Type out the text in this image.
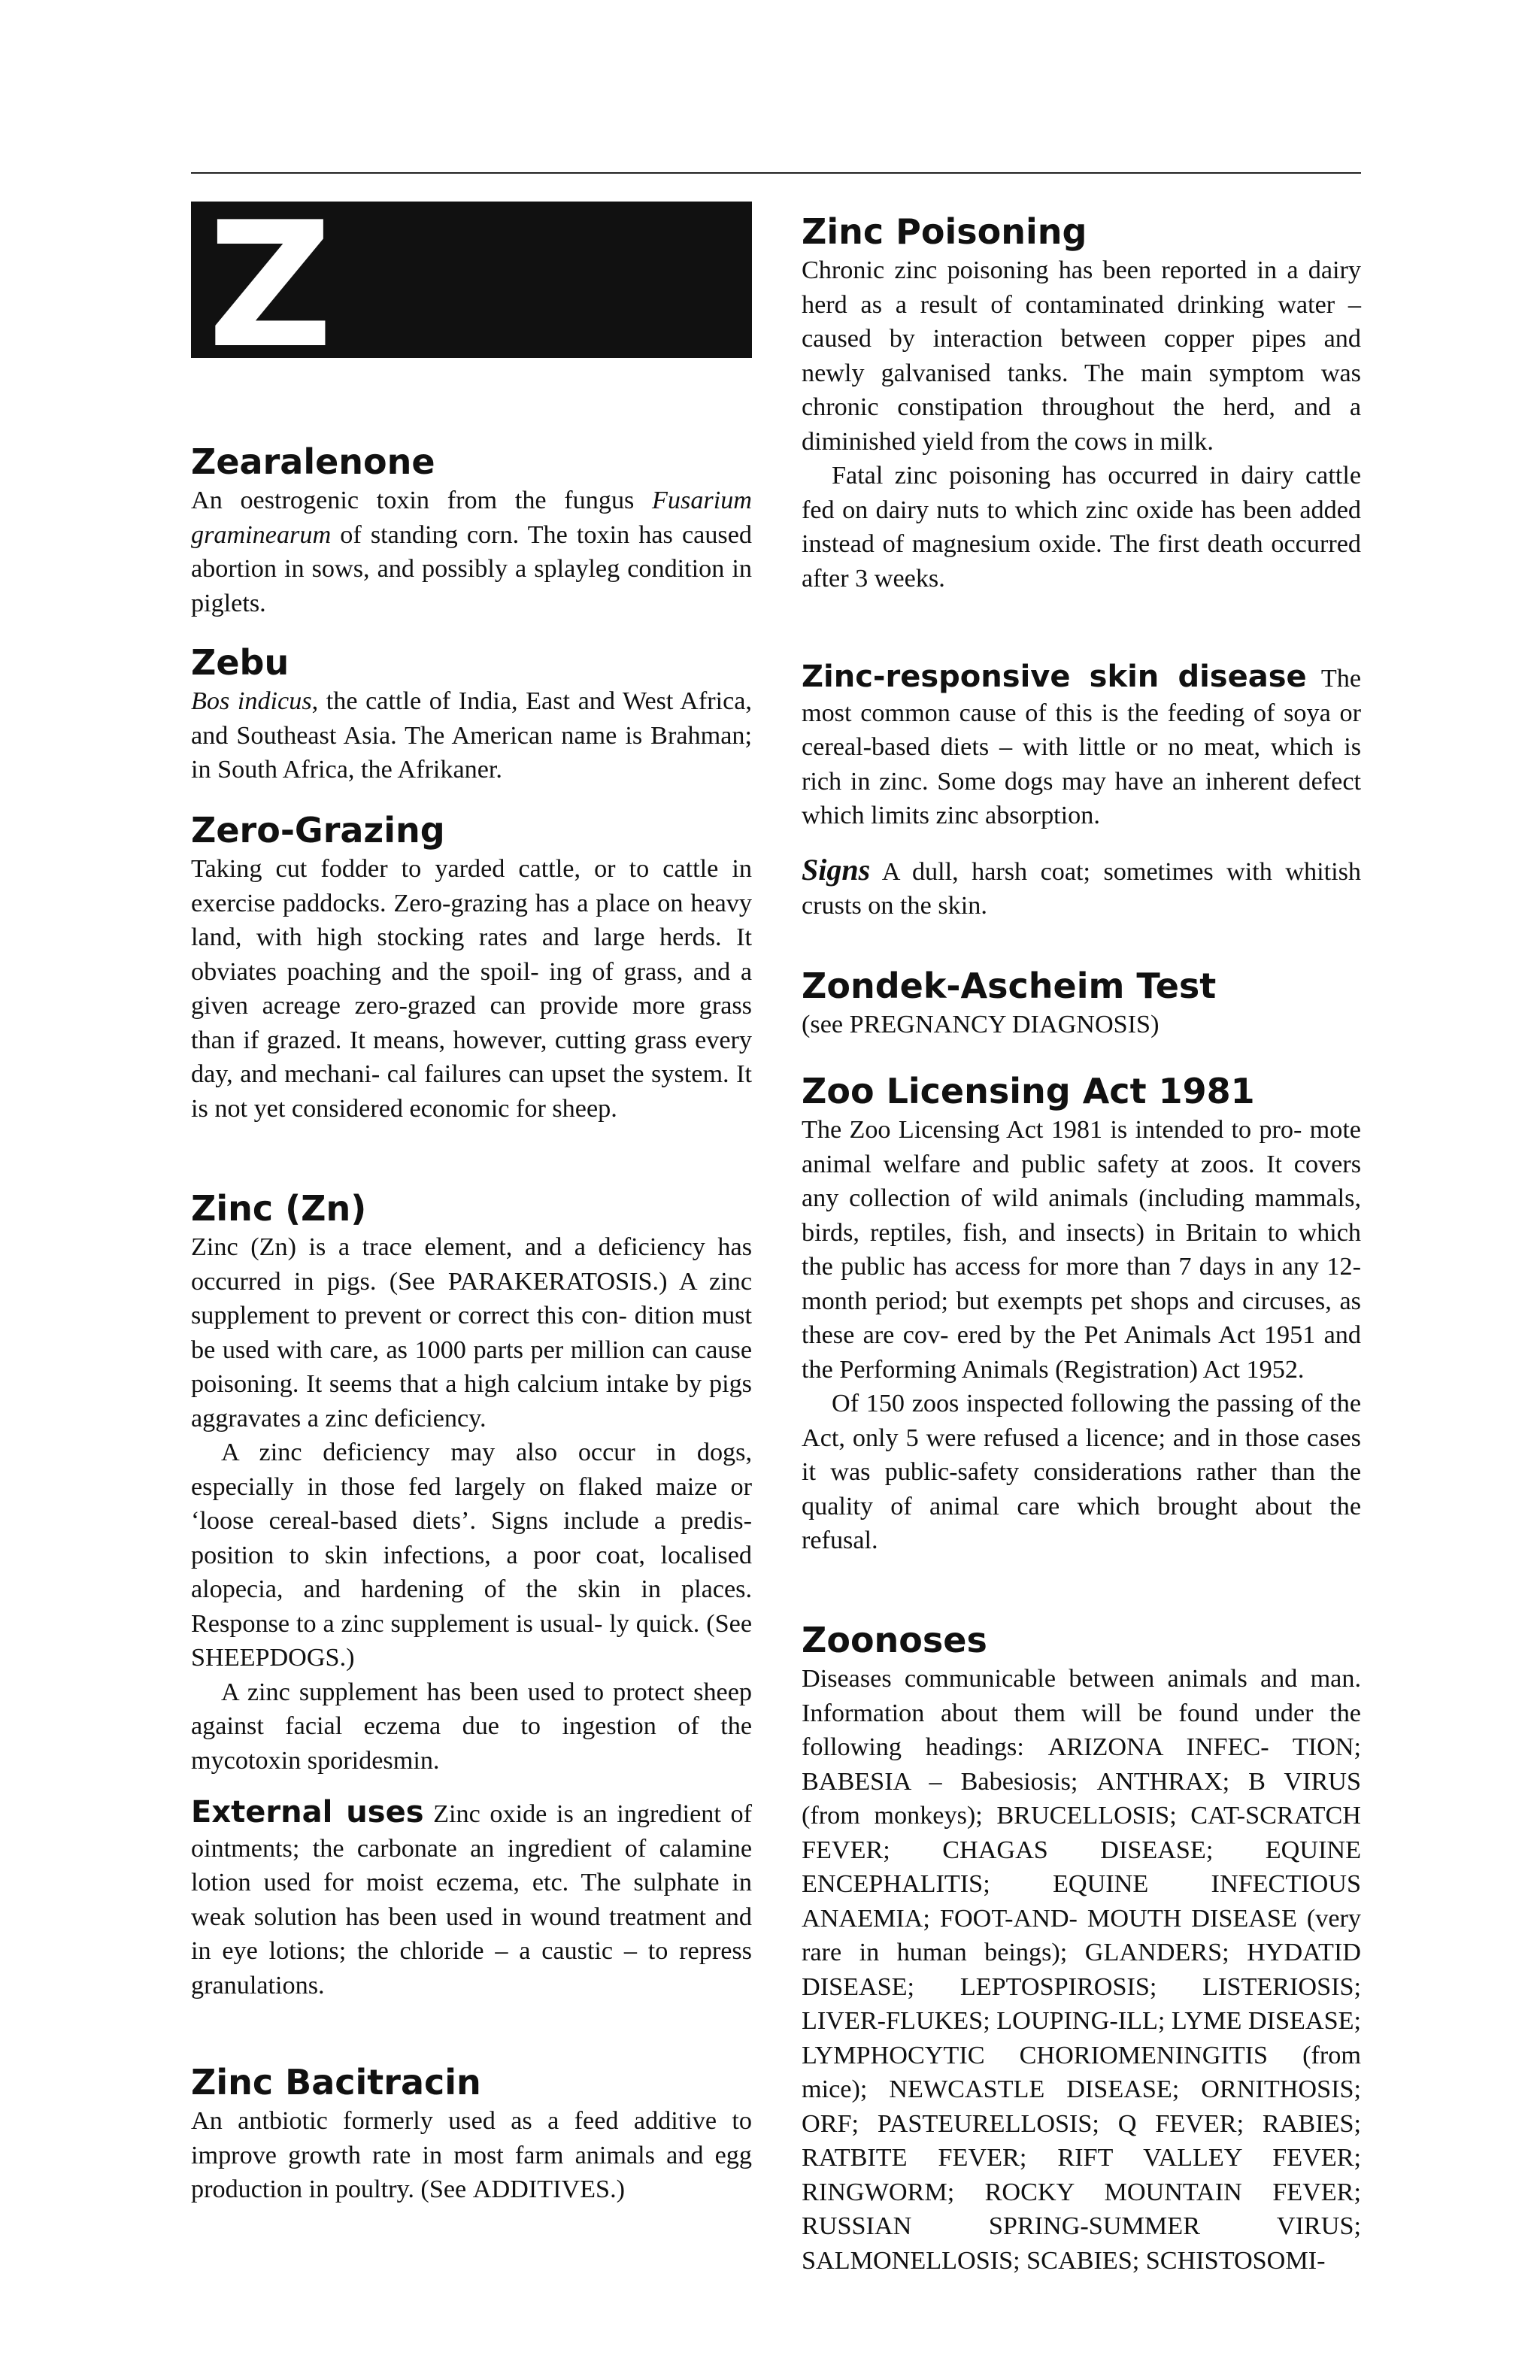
Z
Zearalenone

An oestrogenic toxin from the fungus Fusarium graminearum of standing corn. The toxin has caused abortion in sows, and possibly a splayleg condition in piglets.

Zebu

Bos indicus, the cattle of India, East and West Africa, and Southeast Asia. The American name is Brahman; in South Africa, the Afrikaner.

Zero-Grazing

Taking cut fodder to yarded cattle, or to cattle in exercise paddocks. Zero-grazing has a place on heavy land, with high stocking rates and large herds. It obviates poaching and the spoil- ing of grass, and a given acreage zero-grazed can provide more grass than if grazed. It means, however, cutting grass every day, and mechani- cal failures can upset the system. It is not yet considered economic for sheep.

Zinc (Zn)

Zinc (Zn) is a trace element, and a deficiency has occurred in pigs. (See PARAKERATOSIS.) A zinc supplement to prevent or correct this con- dition must be used with care, as 1000 parts per million can cause poisoning. It seems that a high calcium intake by pigs aggravates a zinc deficiency.

A zinc deficiency may also occur in dogs, especially in those fed largely on flaked maize or ‘loose cereal-based diets’. Signs include a predis- position to skin infections, a poor coat, localised alopecia, and hardening of the skin in places. Response to a zinc supplement is usual- ly quick. (See SHEEPDOGS.)

A zinc supplement has been used to protect sheep against facial eczema due to ingestion of the mycotoxin sporidesmin.

External uses Zinc oxide is an ingredient of ointments; the carbonate an ingredient of calamine lotion used for moist eczema, etc. The sulphate in weak solution has been used in wound treatment and in eye lotions; the chloride – a caustic – to repress granulations.

Zinc Bacitracin

An antbiotic formerly used as a feed additive to improve growth rate in most farm animals and egg production in poultry. (See ADDITIVES.)

Zinc Poisoning

Chronic zinc poisoning has been reported in a dairy herd as a result of contaminated drinking water – caused by interaction between copper pipes and newly galvanised tanks. The main symptom was chronic constipation throughout the herd, and a diminished yield from the cows in milk.

Fatal zinc poisoning has occurred in dairy cattle fed on dairy nuts to which zinc oxide has been added instead of magnesium oxide. The first death occurred after 3 weeks.

Zinc-responsive skin disease The most common cause of this is the feeding of soya or cereal-based diets – with little or no meat, which is rich in zinc. Some dogs may have an inherent defect which limits zinc absorption.

Signs A dull, harsh coat; sometimes with whitish crusts on the skin.

Zondek-Ascheim Test

(see PREGNANCY DIAGNOSIS)

Zoo Licensing Act 1981

The Zoo Licensing Act 1981 is intended to pro- mote animal welfare and public safety at zoos. It covers any collection of wild animals (including mammals, birds, reptiles, fish, and insects) in Britain to which the public has access for more than 7 days in any 12-month period; but exempts pet shops and circuses, as these are cov- ered by the Pet Animals Act 1951 and the Performing Animals (Registration) Act 1952.

Of 150 zoos inspected following the passing of the Act, only 5 were refused a licence; and in those cases it was public-safety considerations rather than the quality of animal care which brought about the refusal.

Zoonoses

Diseases communicable between animals and man. Information about them will be found under the following headings: ARIZONA INFEC- TION; BABESIA – Babesiosis; ANTHRAX; B VIRUS (from monkeys); BRUCELLOSIS; CAT-SCRATCH FEVER; CHAGAS DISEASE; EQUINE ENCEPHALITIS; EQUINE INFECTIOUS ANAEMIA; FOOT-AND- MOUTH DISEASE (very rare in human beings); GLANDERS; HYDATID DISEASE; LEPTOSPIROSIS; LISTERIOSIS; LIVER-FLUKES; LOUPING-ILL; LYME DISEASE; LYMPHOCYTIC CHORIOMENINGITIS (from mice); NEWCASTLE DISEASE; ORNITHOSIS; ORF; PASTEURELLOSIS; Q FEVER; RABIES; RATBITE FEVER; RIFT VALLEY FEVER; RINGWORM; ROCKY MOUNTAIN FEVER; RUSSIAN SPRING-SUMMER VIRUS; SALMONELLOSIS; SCABIES; SCHISTOSOMI-
